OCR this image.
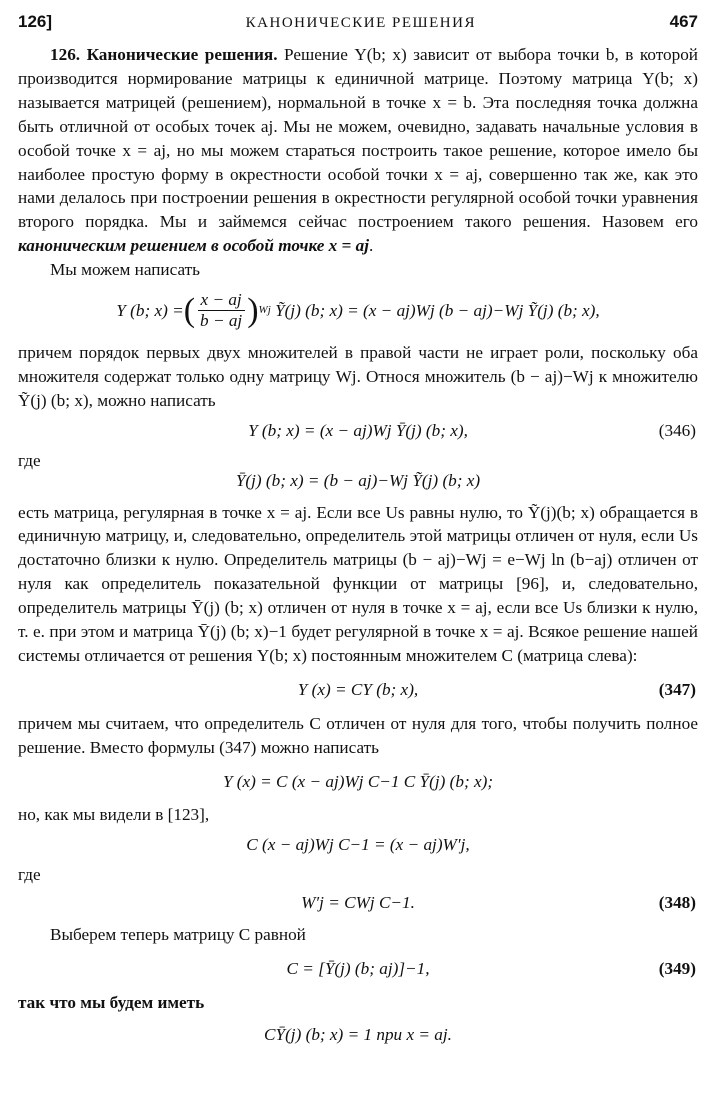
126]	КАНОНИЧЕСКИЕ РЕШЕНИЯ	467

126. Канонические решения. Решение Y(b; x) зависит от выбора точки b, в которой производится нормирование матрицы к единичной матрице. Поэтому матрица Y(b; x) называется матрицей (решением), нормальной в точке x = b. Эта последняя точка должна быть отличной от особых точек aj. Мы не можем, очевидно, задавать начальные условия в особой точке x = aj, но мы можем стараться построить такое решение, которое имело бы наиболее простую форму в окрестности особой точки x = aj, совершенно так же, как это нами делалось при построении решения в окрестности регулярной особой точки уравнения второго порядка. Мы и займемся сейчас построением такого решения. Назовем его каноническим решением в особой точке x = aj.

Мы можем написать

Y (b; x) = ( $\frac{x - aj}{b - aj}$ ) Wj
Ỹ(j) (b; x) = (x − aj)Wj (b − aj)−Wj Ỹ(j) (b; x),

причем порядок первых двух множителей в правой части не играет роли, поскольку оба множителя содержат только одну матрицу Wj. Относя множитель (b − aj)−Wj к множителю Ỹ(j) (b; x), можно написать

Y (b; x) = (x − aj)Wj Ȳ(j) (b; x),	(346)

где

Ȳ(j) (b; x) = (b − aj)−Wj Ỹ(j) (b; x)

есть матрица, регулярная в точке x = aj. Если все Us равны нулю, то Ỹ(j)(b; x) обращается в единичную матрицу, и, следовательно, определитель этой матрицы отличен от нуля, если Us достаточно близки к нулю. Определитель матрицы (b − aj)−Wj = e−Wj ln (b−aj) отличен от нуля как определитель показательной функции от матрицы [96], и, следовательно, определитель матрицы Ȳ(j) (b; x) отличен от нуля в точке x = aj, если все Us близки к нулю, т. е. при этом и матрица Ȳ(j) (b; x)−1 будет регулярной в точке x = aj. Всякое решение нашей системы отличается от решения Y(b; x) постоянным множителем C (матрица слева):

Y (x) = CY (b; x),	(347)

причем мы считаем, что определитель C отличен от нуля для того, чтобы получить полное решение. Вместо формулы (347) можно написать

Y (x) = C (x − aj)Wj C−1 C Ȳ(j) (b; x);

но, как мы видели в [123],

C (x − aj)Wj C−1 = (x − aj)W′j,

где

W′j = CWj C−1.	(348)

Выберем теперь матрицу C равной

C = [Ȳ(j) (b; aj)]−1,	(349)

так что мы будем иметь

CȲ(j) (b; x) = 1 при x = aj.
